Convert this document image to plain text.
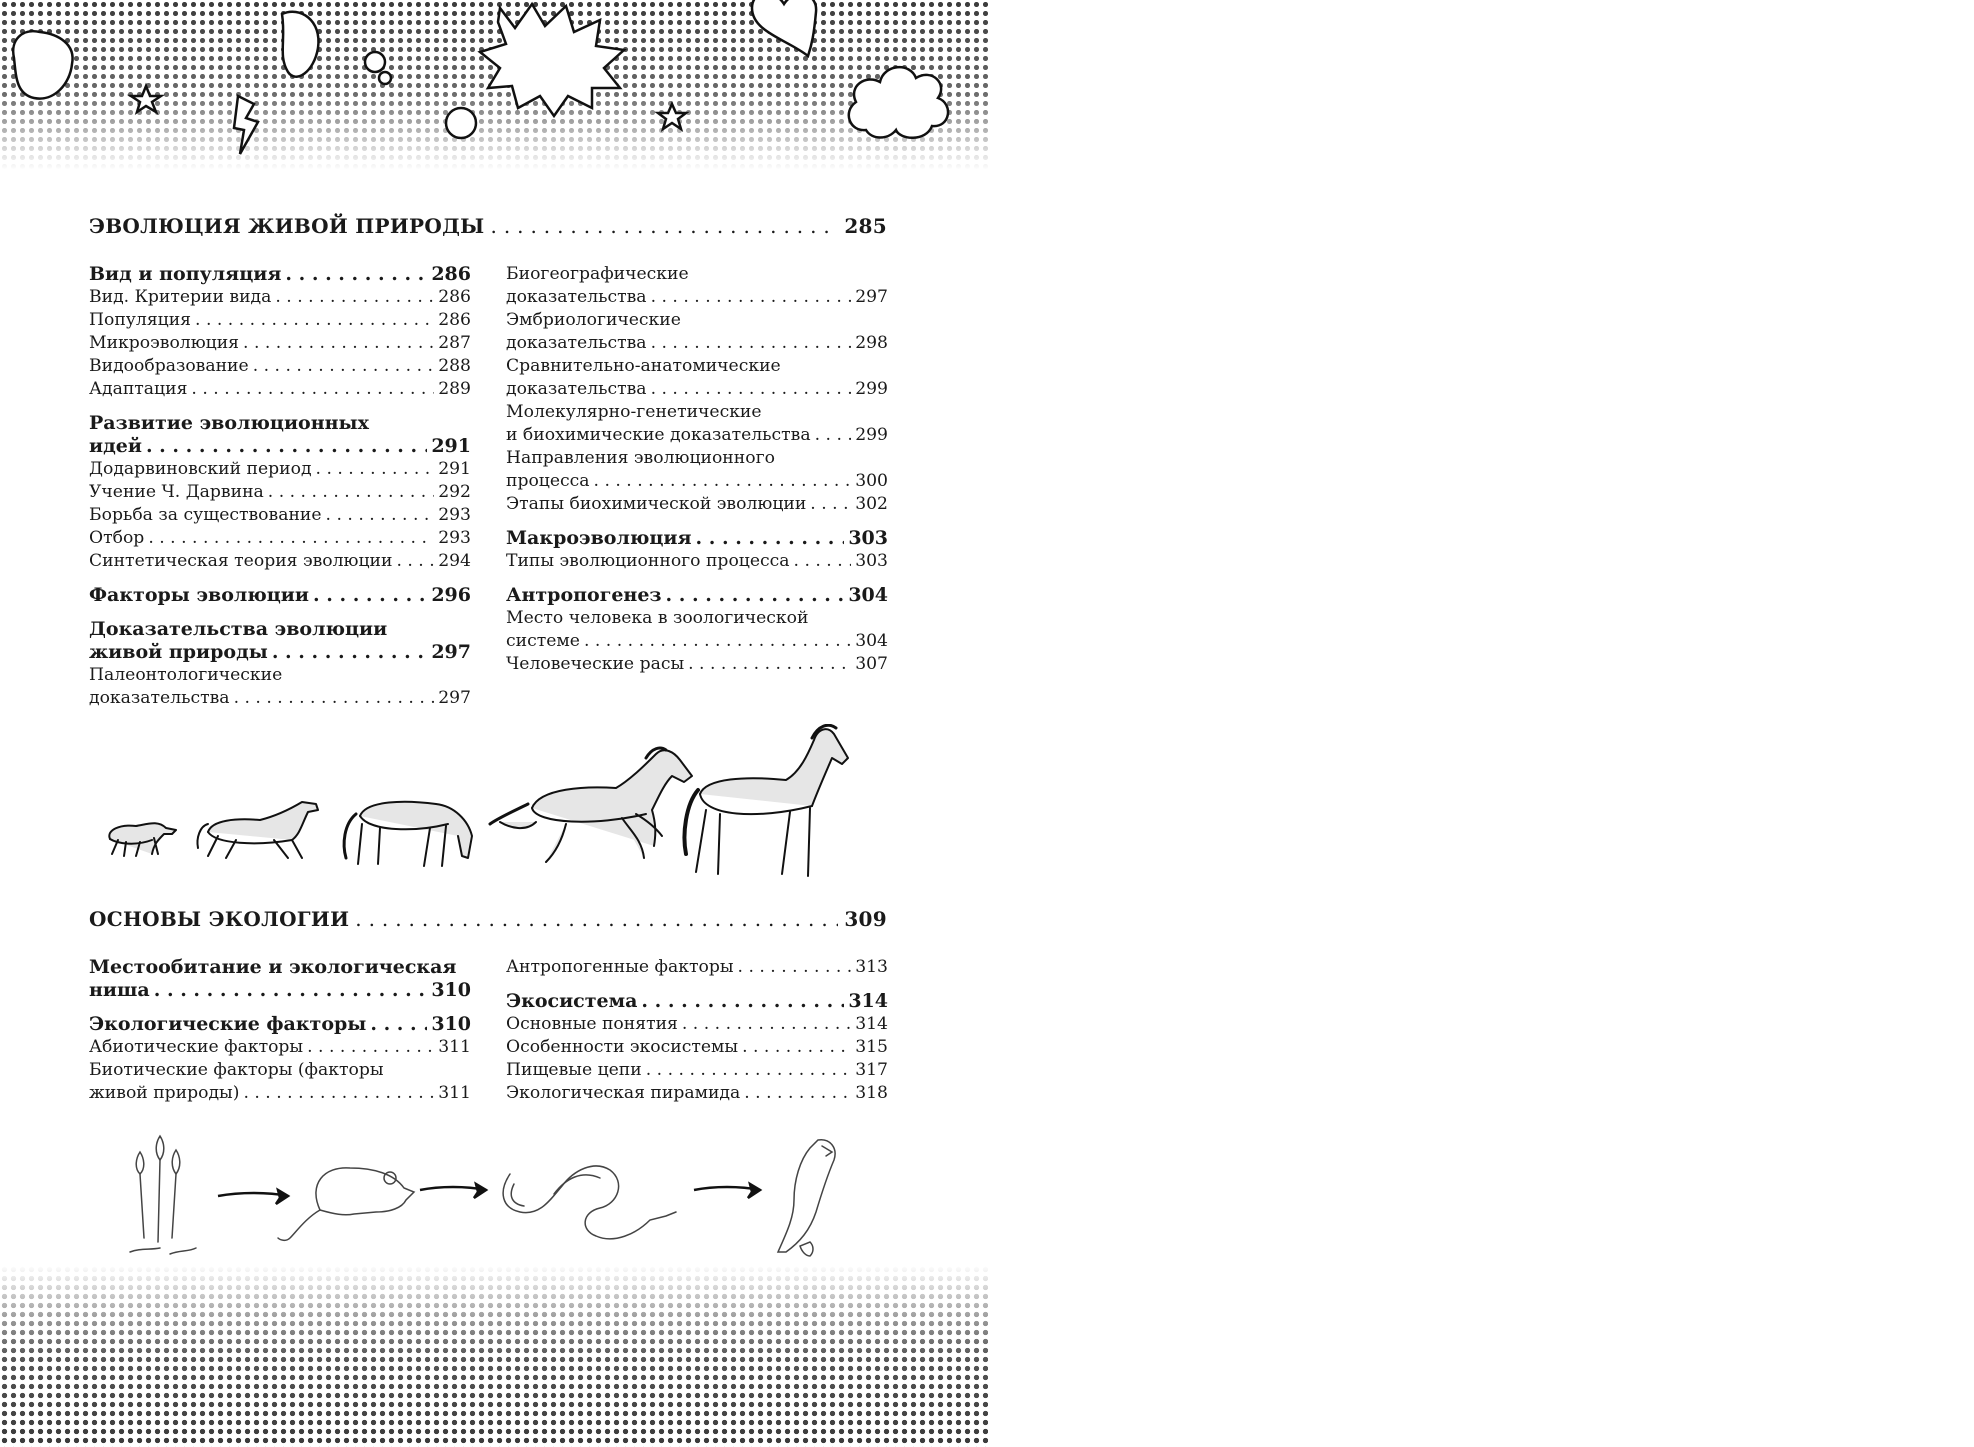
ЭВОЛЮЦИЯ ЖИВОЙ ПРИРОДЫ . . .	285
Вид и популяция . . .	286
Вид. Критерии вида . . .	286
Популяция . . .	286
Микроэволюция . . .	287
Видообразование . . .	288
Адаптация . . .	289
Развитие эволюционных
идей . . .	291
Додарвиновский период . . .	291
Учение Ч. Дарвина . . .	292
Борьба за существование . . .	293
Отбор . . .	293
Синтетическая теория эволюции . . .	294
Факторы эволюции . . .	296
Доказательства эволюции
живой природы . . .	297
Палеонтологические
доказательства . . .	297
Биогеографические
доказательства . . .	297
Эмбриологические
доказательства . . .	298
Сравнительно-анатомические
доказательства . . .	299
Молекулярно-генетические
и биохимические доказательства . . .	299
Направления эволюционного
процесса . . .	300
Этапы биохимической эволюции . . .	302
Макроэволюция . . .	303
Типы эволюционного процесса . . .	303
Антропогенез . . .	304
Место человека в зоологической
системе . . .	304
Человеческие расы . . .	307
ОСНОВЫ ЭКОЛОГИИ . . .	309
Местообитание и экологическая
ниша . . .	310
Экологические факторы . . .	310
Абиотические факторы . . .	311
Биотические факторы (факторы
живой природы) . . .	311
Антропогенные факторы . . .	313
Экосистема . . .	314
Основные понятия . . .	314
Особенности экосистемы . . .	315
Пищевые цепи . . .	317
Экологическая пирамида . . .	318
